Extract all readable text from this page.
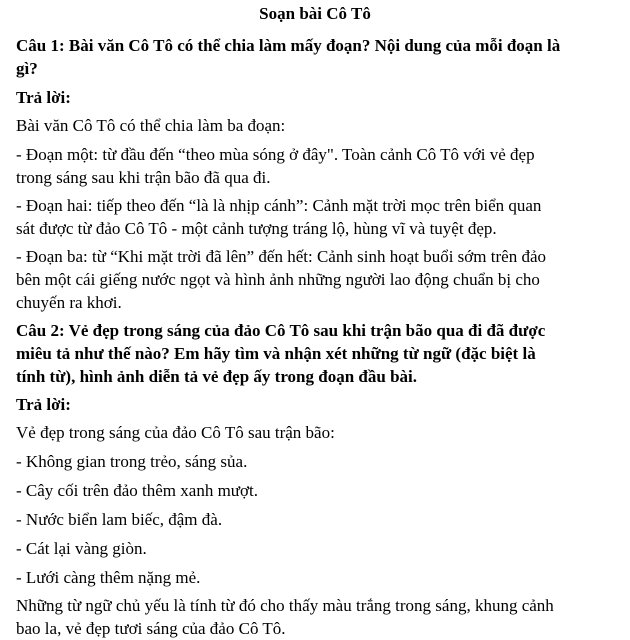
Soạn bài Cô Tô
Câu 1: Bài văn Cô Tô có thể chia làm mấy đoạn? Nội dung của mỗi đoạn là
gì?
Trả lời:
Bài văn Cô Tô có thể chia làm ba đoạn:
- Đoạn một: từ đầu đến “theo mùa sóng ở đây". Toàn cảnh Cô Tô với vẻ đẹp
trong sáng sau khi trận bão đã qua đi.
- Đoạn hai: tiếp theo đến “là là nhịp cánh”: Cảnh mặt trời mọc trên biển quan
sát được từ đảo Cô Tô - một cảnh tượng tráng lộ, hùng vĩ và tuyệt đẹp.
- Đoạn ba: từ “Khi mặt trời đã lên” đến hết: Cảnh sinh hoạt buổi sớm trên đảo
bên một cái giếng nước ngọt và hình ảnh những người lao động chuẩn bị cho
chuyến ra khơi.
Câu 2: Vẻ đẹp trong sáng của đảo Cô Tô sau khi trận bão qua đi đã được
miêu tả như thế nào? Em hãy tìm và nhận xét những từ ngữ (đặc biệt là
tính từ), hình ảnh diễn tả vẻ đẹp ấy trong đoạn đầu bài.
Trả lời:
Vẻ đẹp trong sáng của đảo Cô Tô sau trận bão:
- Không gian trong trẻo, sáng sủa.
- Cây cối trên đảo thêm xanh mượt.
- Nước biển lam biếc, đậm đà.
- Cát lại vàng giòn.
- Lưới càng thêm nặng mẻ.
Những từ ngữ chủ yếu là tính từ đó cho thấy màu trắng trong sáng, khung cảnh
bao la, vẻ đẹp tươi sáng của đảo Cô Tô.
